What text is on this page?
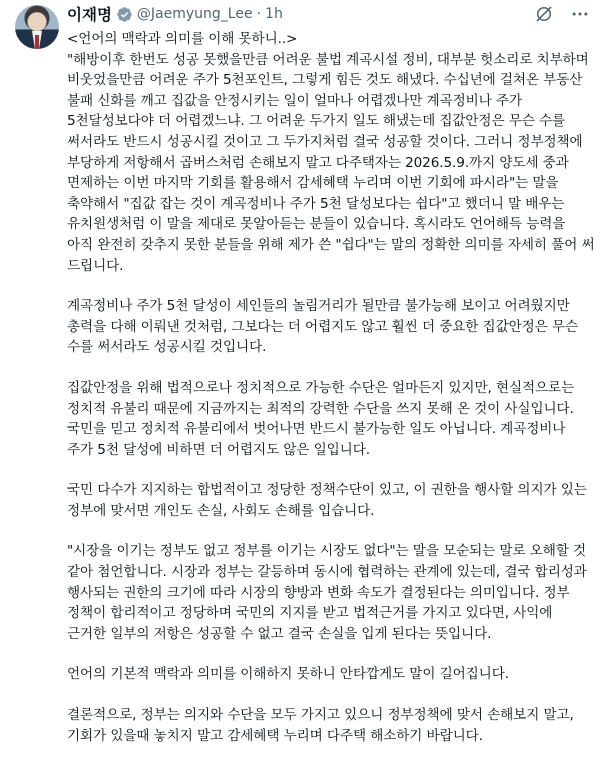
이재명 @Jaemyung_Lee · 1h

<언어의 맥락과 의미를 이해 못하니..>
"해방이후 한번도 성공 못했을만큼 어려운 불법 계곡시설 정비, 대부분 헛소리로 치부하며 비웃었을만큼 어려운 주가 5천포인트, 그렇게 힘든 것도 해냈다. 수십년에 걸쳐온 부동산 불패 신화를 깨고 집값을 안정시키는 일이 얼마나 어렵겠나만 계곡정비나 주가 5천달성보다야 더 어렵겠느냐. 그 어려운 두가지 일도 해냈는데 집값안정은 무슨 수를 써서라도 반드시 성공시킬 것이고 그 두가지처럼 결국 성공할 것이다. 그러니 정부정책에 부당하게 저항해서 곱버스처럼 손해보지 말고 다주택자는 2026.5.9.까지 양도세 중과 면제하는 이번 마지막 기회를 활용해서 감세혜택 누리며 이번 기회에 파시라"는 말을 축약해서 "집값 잡는 것이 계곡정비나 주가 5천 달성보다는 쉽다"고 했더니 말 배우는 유치원생처럼 이 말을 제대로 못알아듣는 분들이 있습니다. 혹시라도 언어해득 능력을 아직 완전히 갖추지 못한 분들을 위해 제가 쓴 "쉽다"는 말의 정확한 의미를 자세히 풀어 써 드립니다.

계곡정비나 주가 5천 달성이 세인들의 놀림거리가 될만큼 불가능해 보이고 어려웠지만 총력을 다해 이뤄낸 것처럼, 그보다는 더 어렵지도 않고 훨씬 더 중요한 집값안정은 무슨 수를 써서라도 성공시킬 것입니다.

집값안정을 위해 법적으로나 정치적으로 가능한 수단은 얼마든지 있지만, 현실적으로는 정치적 유불리 때문에 지금까지는 최적의 강력한 수단을 쓰지 못해 온 것이 사실입니다. 국민을 믿고 정치적 유불리에서 벗어나면 반드시 불가능한 일도 아닙니다. 계곡정비나 주가 5천 달성에 비하면 더 어렵지도 않은 일입니다.

국민 다수가 지지하는 합법적이고 정당한 정책수단이 있고, 이 권한을 행사할 의지가 있는 정부에 맞서면 개인도 손실, 사회도 손해를 입습니다.

"시장을 이기는 정부도 없고 정부를 이기는 시장도 없다"는 말을 모순되는 말로 오해할 것 같아 첨언합니다. 시장과 정부는 갈등하며 동시에 협력하는 관계에 있는데, 결국 합리성과 행사되는 권한의 크기에 따라 시장의 향방과 변화 속도가 결정된다는 의미입니다. 정부 정책이 합리적이고 정당하며 국민의 지지를 받고 법적근거를 가지고 있다면, 사익에 근거한 일부의 저항은 성공할 수 없고 결국 손실을 입게 된다는 뜻입니다.

언어의 기본적 맥락과 의미를 이해하지 못하니 안타깝게도 말이 길어집니다.

결론적으로, 정부는 의지와 수단을 모두 가지고 있으니 정부정책에 맞서 손해보지 말고, 기회가 있을때 놓치지 말고 감세혜택 누리며 다주택 해소하기 바랍니다.
